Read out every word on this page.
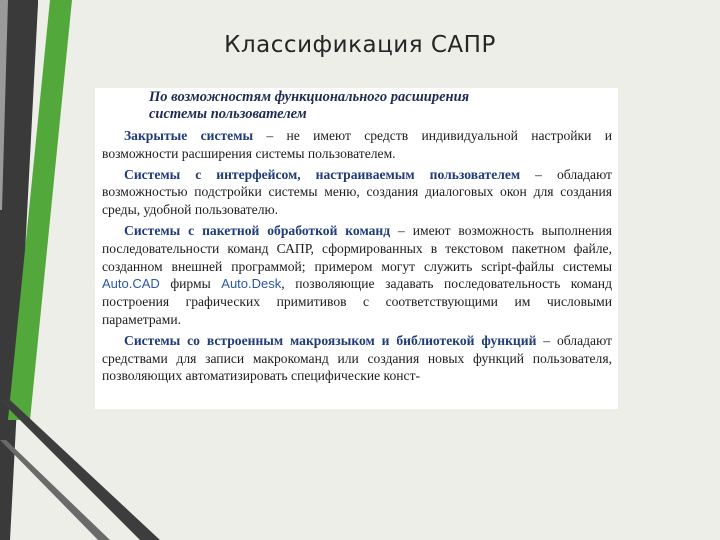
Классификация САПР
По возможностям функционального расширения
системы пользователем
Закрытые системы – не имеют средств индивидуальной настройки и возможности расширения системы пользователем.
Системы с интерфейсом, настраиваемым пользователем – обладают возможностью подстройки системы меню, создания диалоговых окон для создания среды, удобной пользователю.
Системы с пакетной обработкой команд – имеют возможность выполнения последовательности команд САПР, сформированных в текстовом пакетном файле, созданном внешней программой; примером могут служить script-файлы системы Auto.CAD фирмы Auto.Desk, позволяющие задавать последовательность команд построения графических примитивов с соответствующими им числовыми параметрами.
Системы со встроенным макроязыком и библиотекой функций – обладают средствами для записи макрокоманд или создания новых функций пользователя, позволяющих автоматизировать специфические конст-
